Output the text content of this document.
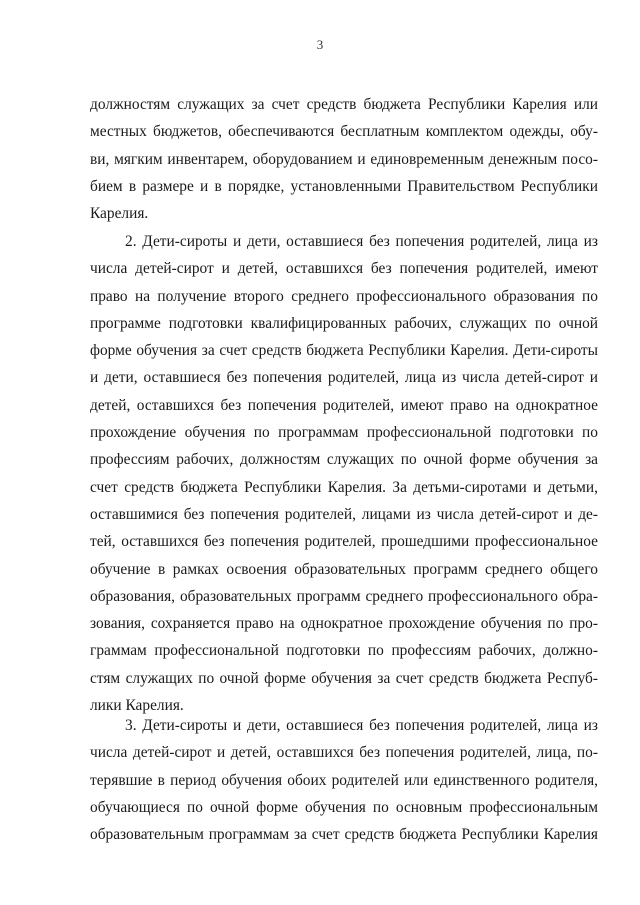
3
должностям служащих за счет средств бюджета Республики Карелия или
местных бюджетов, обеспечиваются бесплатным комплектом одежды, обу-
ви, мягким инвентарем, оборудованием и единовременным денежным посо-
бием в размере и в порядке, установленными Правительством Республики
Карелия.
2. Дети-сироты и дети, оставшиеся без попечения родителей, лица из
числа детей-сирот и детей, оставшихся без попечения родителей, имеют
право на получение второго среднего профессионального образования по
программе подготовки квалифицированных рабочих, служащих по очной
форме обучения за счет средств бюджета Республики Карелия. Дети-сироты
и дети, оставшиеся без попечения родителей, лица из числа детей-сирот и
детей, оставшихся без попечения родителей, имеют право на однократное
прохождение обучения по программам профессиональной подготовки по
профессиям рабочих, должностям служащих по очной форме обучения за
счет средств бюджета Республики Карелия. За детьми-сиротами и детьми,
оставшимися без попечения родителей, лицами из числа детей-сирот и де-
тей, оставшихся без попечения родителей, прошедшими профессиональное
обучение в рамках освоения образовательных программ среднего общего
образования, образовательных программ среднего профессионального обра-
зования, сохраняется право на однократное прохождение обучения по про-
граммам профессиональной подготовки по профессиям рабочих, должно-
стям служащих по очной форме обучения за счет средств бюджета Респуб-
лики Карелия.
3. Дети-сироты и дети, оставшиеся без попечения родителей, лица из
числа детей-сирот и детей, оставшихся без попечения родителей, лица, по-
терявшие в период обучения обоих родителей или единственного родителя,
обучающиеся по очной форме обучения по основным профессиональным
образовательным программам за счет средств бюджета Республики Карелия
